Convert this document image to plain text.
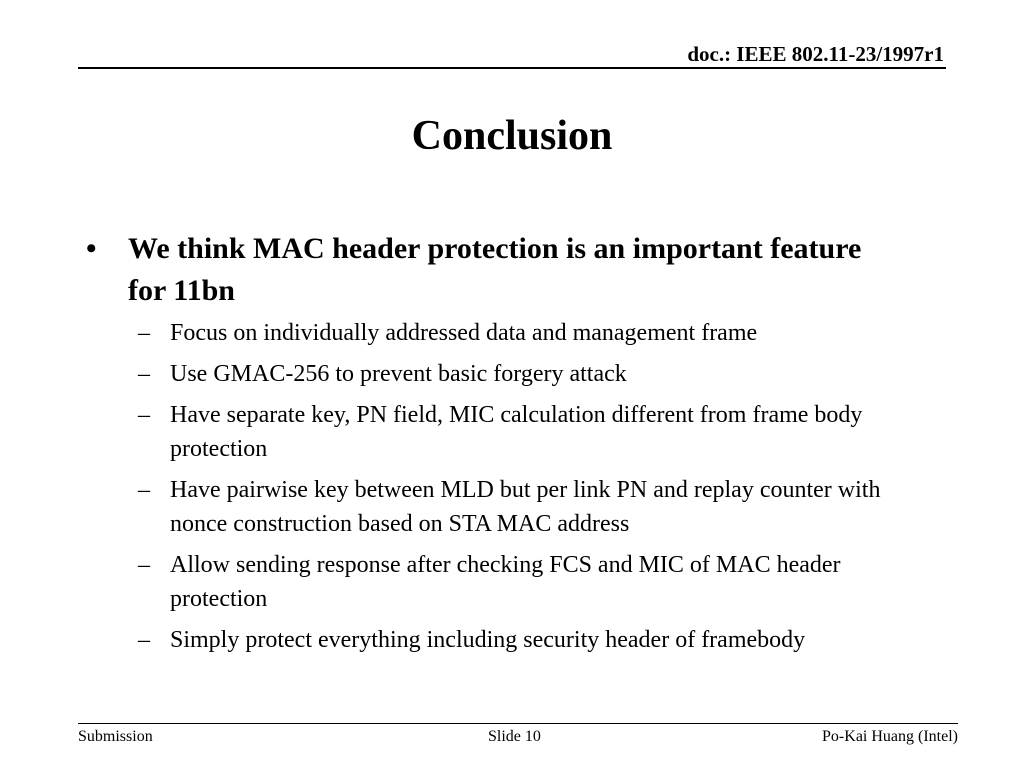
doc.: IEEE 802.11-23/1997r1
Conclusion
•	We think MAC header protection is an important feature for 11bn
– Focus on individually addressed data and management frame
– Use GMAC-256 to prevent basic forgery attack
– Have separate key, PN field, MIC calculation different from frame body protection
– Have pairwise key between MLD but per link PN and replay counter with nonce construction based on STA MAC address
– Allow sending response after checking FCS and MIC of MAC header protection
– Simply protect everything including security header of framebody
Submission	Slide 10	Po-Kai Huang (Intel)
